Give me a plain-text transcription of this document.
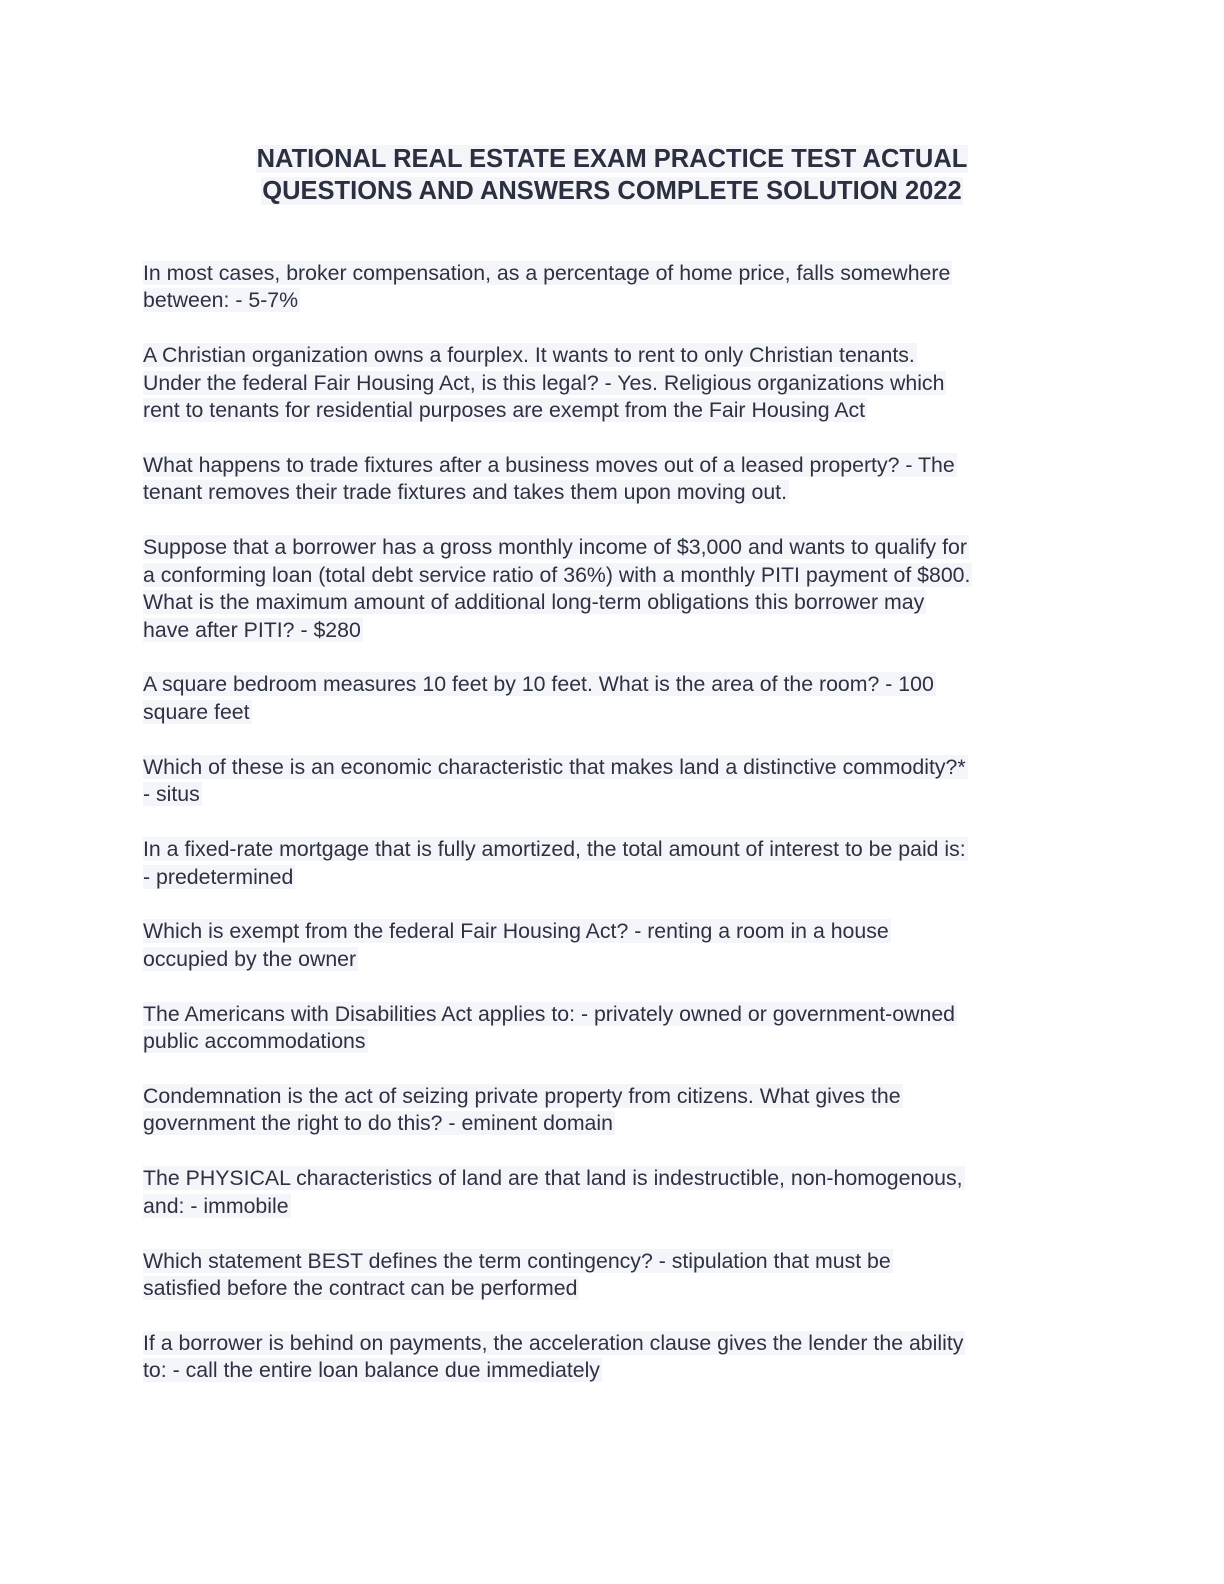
NATIONAL REAL ESTATE EXAM PRACTICE TEST ACTUAL
QUESTIONS AND ANSWERS COMPLETE SOLUTION 2022
In most cases, broker compensation, as a percentage of home price, falls somewhere
between: - 5-7%
A Christian organization owns a fourplex. It wants to rent to only Christian tenants.
Under the federal Fair Housing Act, is this legal? - Yes. Religious organizations which
rent to tenants for residential purposes are exempt from the Fair Housing Act
What happens to trade fixtures after a business moves out of a leased property? - The
tenant removes their trade fixtures and takes them upon moving out.
Suppose that a borrower has a gross monthly income of $3,000 and wants to qualify for
a conforming loan (total debt service ratio of 36%) with a monthly PITI payment of $800.
What is the maximum amount of additional long-term obligations this borrower may
have after PITI? - $280
A square bedroom measures 10 feet by 10 feet. What is the area of the room? - 100
square feet
Which of these is an economic characteristic that makes land a distinctive commodity?*
- situs
In a fixed-rate mortgage that is fully amortized, the total amount of interest to be paid is:
- predetermined
Which is exempt from the federal Fair Housing Act? - renting a room in a house
occupied by the owner
The Americans with Disabilities Act applies to: - privately owned or government-owned
public accommodations
Condemnation is the act of seizing private property from citizens. What gives the
government the right to do this? - eminent domain
The PHYSICAL characteristics of land are that land is indestructible, non-homogenous,
and: - immobile
Which statement BEST defines the term contingency? - stipulation that must be
satisfied before the contract can be performed
If a borrower is behind on payments, the acceleration clause gives the lender the ability
to: - call the entire loan balance due immediately
